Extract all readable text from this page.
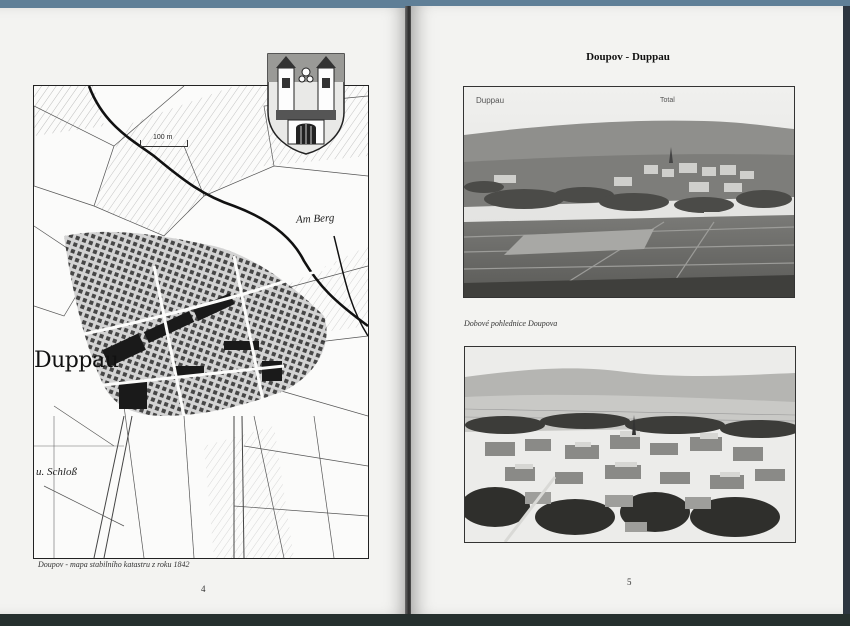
100 m
Duppau
Am Berg
u. Schloß
Doupov - mapa stabilního katastru z roku 1842
4
Doupov - Duppau
Duppau	Total
Dobové pohlednice Doupova
5
